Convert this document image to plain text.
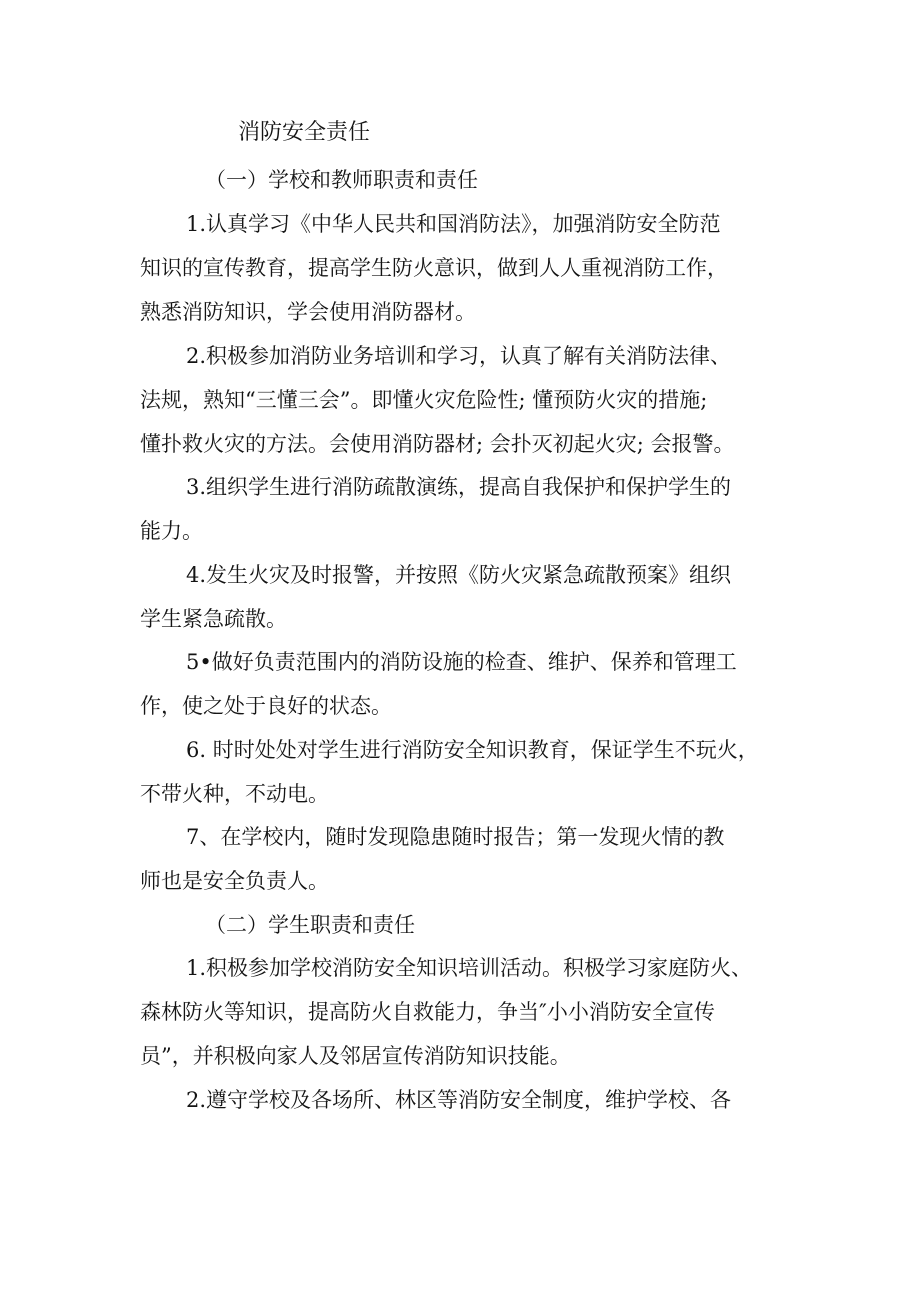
消防安全责任
（一）学校和教师职责和责任
1.认真学习《中华人民共和国消防法》，加强消防安全防范
知识的宣传教育，提高学生防火意识，做到人人重视消防工作，
熟悉消防知识，学会使用消防器材。
2.积极参加消防业务培训和学习，认真了解有关消防法律、
法规，熟知“三懂三会”。即懂火灾危险性; 懂预防火灾的措施;
懂扑救火灾的方法。会使用消防器材; 会扑灭初起火灾; 会报警。
3.组织学生进行消防疏散演练，提高自我保护和保护学生的
能力。
4.发生火灾及时报警，并按照《防火灾紧急疏散预案》组织
学生紧急疏散。
5•做好负责范围内的消防设施的检查、维护、保养和管理工
作，使之处于良好的状态。
6. 时时处处对学生进行消防安全知识教育，保证学生不玩火，
不带火种，不动电。
7、在学校内，随时发现隐患随时报告；第一发现火情的教
师也是安全负责人。
（二）学生职责和责任
1.积极参加学校消防安全知识培训活动。积极学习家庭防火、
森林防火等知识，提高防火自救能力，争当″小小消防安全宣传
员”，并积极向家人及邻居宣传消防知识技能。
2.遵守学校及各场所、林区等消防安全制度，维护学校、各
